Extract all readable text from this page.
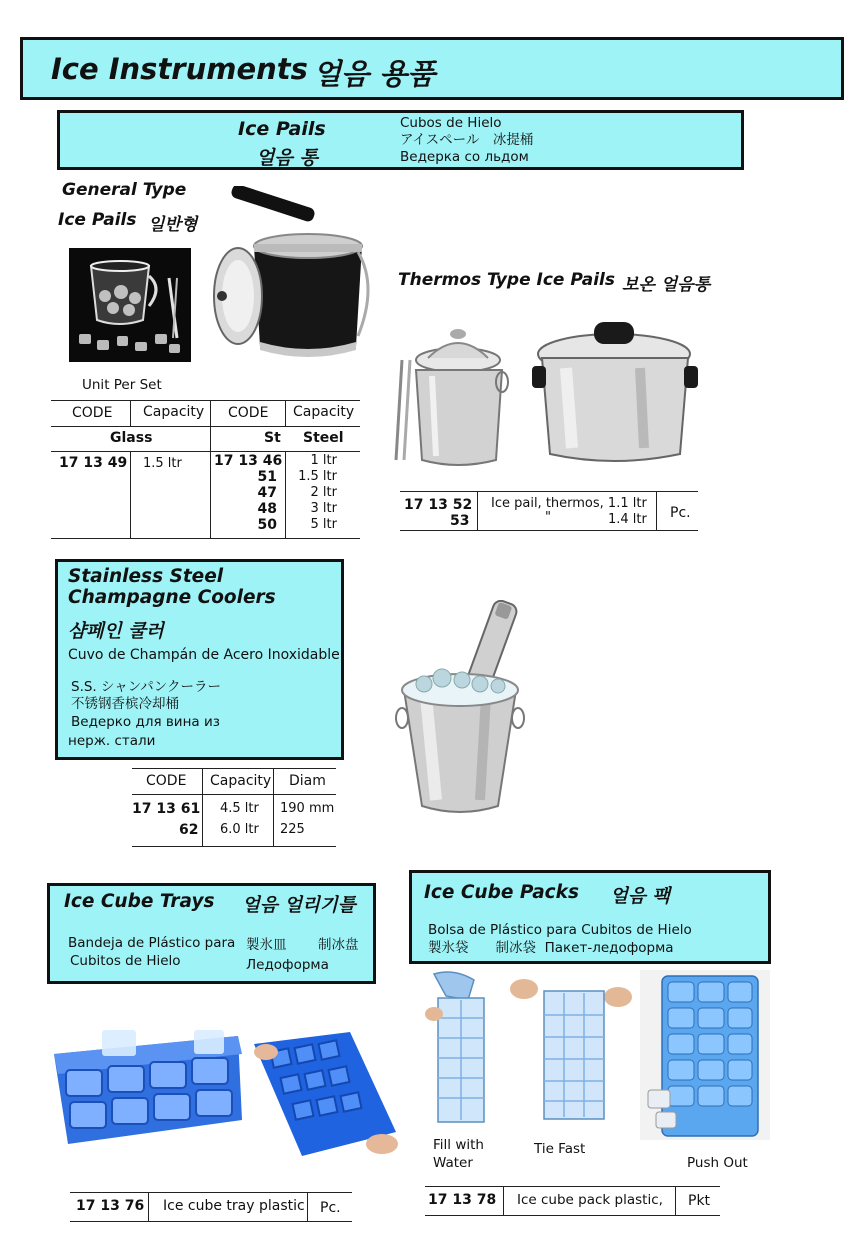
Ice Instruments 얼음 용품
Ice Pails
얼음 통
Cubos de Hielo
アイスペール　冰提桶
Ведерка со льдом
General Type
Ice Pails 일반형
Unit Per Set
CODE Capacity CODE Capacity
Glass	St Steel
17 13 49 1.5 ltr 17 13 46
51
47
48
50
1 ltr
1.5 ltr
2 ltr
3 ltr
5 ltr
Thermos Type Ice Pails 보온 얼음통
17 13 52
53
Ice pail, thermos, 1.1 ltr
"	1.4 ltr Pc.
Stainless Steel
Champagne Coolers
샴페인 쿨러
Cuvo de Champán de Acero Inoxidable
S.S. シャンパンクーラー
不锈钢香槟冷却桶
Ведерко для вина из
нерж. стали
CODE Capacity Diam
17 13 61
62
4.5 ltr
6.0 ltr
190 mm
225
Ice Cube Trays 얼음 얼리기틀
Bandeja de Plástico para
Cubitos de Hielo
製氷皿 制冰盘
Ледоформа
17 13 76 Ice cube tray plastic Pc.
Ice Cube Packs 얼음 팩
Bolsa de Plástico para Cubitos de Hielo
製氷袋　　制冰袋  Пакет-ледоформа
Fill with
Water
Tie Fast
Push Out
17 13 78 Ice cube pack plastic, Pkt
